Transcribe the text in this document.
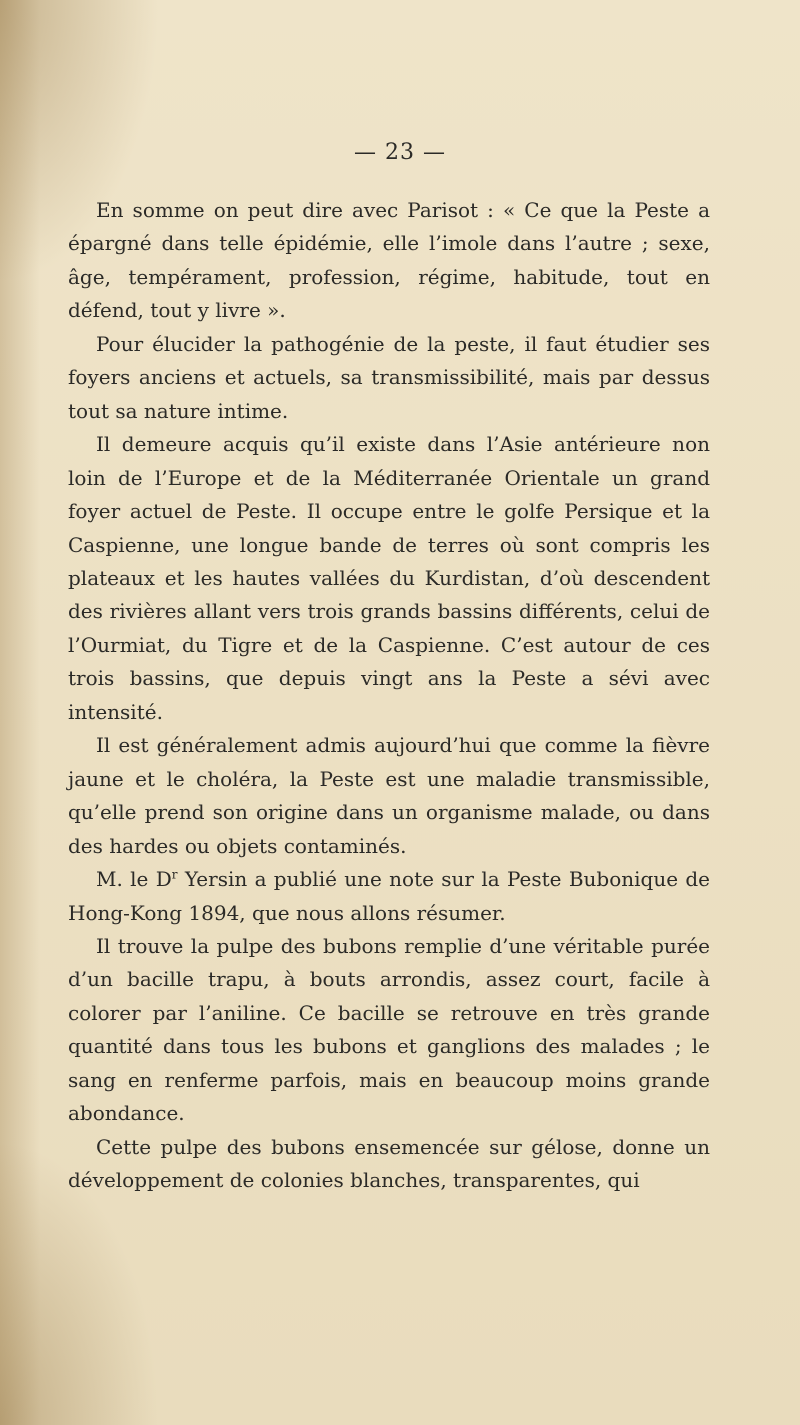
— 23 —

En somme on peut dire avec Parisot : « Ce que la Peste a épargné dans telle épidémie, elle l’imole dans l’autre ; sexe, âge, tempérament, profession, régime, habitude, tout en défend, tout y livre ».

Pour élucider la pathogénie de la peste, il faut étudier ses foyers anciens et actuels, sa transmissibilité, mais par dessus tout sa nature intime.

Il demeure acquis qu’il existe dans l’Asie antérieure non loin de l’Europe et de la Méditerranée Orientale un grand foyer actuel de Peste. Il occupe entre le golfe Persique et la Caspienne, une longue bande de terres où sont compris les plateaux et les hautes vallées du Kurdistan, d’où descendent des rivières allant vers trois grands bassins différents, celui de l’Ourmiat, du Tigre et de la Caspienne. C’est autour de ces trois bassins, que depuis vingt ans la Peste a sévi avec intensité.

Il est généralement admis aujourd’hui que comme la fièvre jaune et le choléra, la Peste est une maladie transmissible, qu’elle prend son origine dans un organisme malade, ou dans des hardes ou objets contaminés.

M. le $D^r$ Yersin a publié une note sur la Peste Bubonique de Hong-Kong 1894, que nous allons résumer.

Il trouve la pulpe des bubons remplie d’une véritable purée d’un bacille trapu, à bouts arrondis, assez court, facile à colorer par l’aniline. Ce bacille se retrouve en très grande quantité dans tous les bubons et ganglions des malades ; le sang en renferme parfois, mais en beaucoup moins grande abondance.

Cette pulpe des bubons ensemencée sur gélose, donne un développement de colonies blanches, transparentes, qui
